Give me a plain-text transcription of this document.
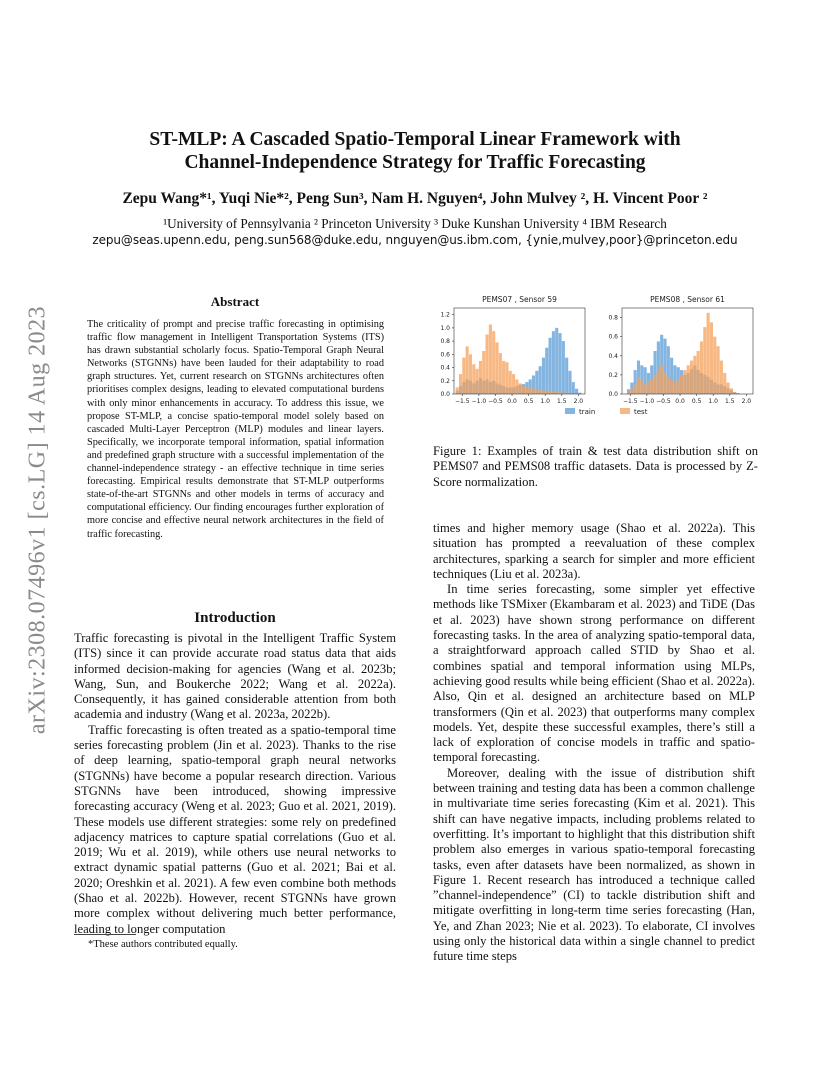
arXiv:2308.07496v1 [cs.LG] 14 Aug 2023
ST-MLP: A Cascaded Spatio-Temporal Linear Framework with
Channel-Independence Strategy for Traffic Forecasting
Zepu Wang*¹, Yuqi Nie*², Peng Sun³, Nam H. Nguyen⁴, John Mulvey ², H. Vincent Poor ²
¹University of Pennsylvania ² Princeton University ³ Duke Kunshan University ⁴ IBM Research
zepu@seas.upenn.edu, peng.sun568@duke.edu, nnguyen@us.ibm.com, {ynie,mulvey,poor}@princeton.edu
Abstract
The criticality of prompt and precise traffic forecasting in optimising traffic flow management in Intelligent Transportation Systems (ITS) has drawn substantial scholarly focus. Spatio-Temporal Graph Neural Networks (STGNNs) have been lauded for their adaptability to road graph structures. Yet, current research on STGNNs architectures often prioritises complex designs, leading to elevated computational burdens with only minor enhancements in accuracy. To address this issue, we propose ST-MLP, a concise spatio-temporal model solely based on cascaded Multi-Layer Perceptron (MLP) modules and linear layers. Specifically, we incorporate temporal information, spatial information and predefined graph structure with a successful implementation of the channel-independence strategy - an effective technique in time series forecasting. Empirical results demonstrate that ST-MLP outperforms state-of-the-art STGNNs and other models in terms of accuracy and computational efficiency. Our finding encourages further exploration of more concise and effective neural network architectures in the field of traffic forecasting.
Introduction

Traffic forecasting is pivotal in the Intelligent Traffic System (ITS) since it can provide accurate road status data that aids informed decision-making for agencies (Wang et al. 2023b; Wang, Sun, and Boukerche 2022; Wang et al. 2022a). Consequently, it has gained considerable attention from both academia and industry (Wang et al. 2023a, 2022b).

Traffic forecasting is often treated as a spatio-temporal time series forecasting problem (Jin et al. 2023). Thanks to the rise of deep learning, spatio-temporal graph neural networks (STGNNs) have become a popular research direction. Various STGNNs have been introduced, showing impressive forecasting accuracy (Weng et al. 2023; Guo et al. 2021, 2019). These models use different strategies: some rely on predefined adjacency matrices to capture spatial correlations (Guo et al. 2019; Wu et al. 2019), while others use neural networks to extract dynamic spatial patterns (Guo et al. 2021; Bai et al. 2020; Oreshkin et al. 2021). A few even combine both methods (Shao et al. 2022b). However, recent STGNNs have grown more complex without delivering much better performance, leading to longer computation

*These authors contributed equally.
PEMS07 , Sensor 59
−1.5 −1.0 −0.5 0.0 0.5 1.0 1.5 2.0
0.0
0.2
0.4
0.6
0.8
1.0
1.2
PEMS08 , Sensor 61
−1.5 −1.0 −0.5 0.0 0.5 1.0 1.5 2.0
0.0
0.2
0.4
0.6
0.8
train	test
Figure 1: Examples of train & test data distribution shift on PEMS07 and PEMS08 traffic datasets. Data is processed by Z-Score normalization.

times and higher memory usage (Shao et al. 2022a). This situation has prompted a reevaluation of these complex architectures, sparking a search for simpler and more efficient techniques (Liu et al. 2023a).

In time series forecasting, some simpler yet effective methods like TSMixer (Ekambaram et al. 2023) and TiDE (Das et al. 2023) have shown strong performance on different forecasting tasks. In the area of analyzing spatio-temporal data, a straightforward approach called STID by Shao et al. combines spatial and temporal information using MLPs, achieving good results while being efficient (Shao et al. 2022a). Also, Qin et al. designed an architecture based on MLP transformers (Qin et al. 2023) that outperforms many complex models. Yet, despite these successful examples, there’s still a lack of exploration of concise models in traffic and spatio-temporal forecasting.

Moreover, dealing with the issue of distribution shift between training and testing data has been a common challenge in multivariate time series forecasting (Kim et al. 2021). This shift can have negative impacts, including problems related to overfitting. It’s important to highlight that this distribution shift problem also emerges in various spatio-temporal forecasting tasks, even after datasets have been normalized, as shown in Figure 1. Recent research has introduced a technique called ”channel-independence” (CI) to tackle distribution shift and mitigate overfitting in long-term time series forecasting (Han, Ye, and Zhan 2023; Nie et al. 2023). To elaborate, CI involves using only the historical data within a single channel to predict future time steps
